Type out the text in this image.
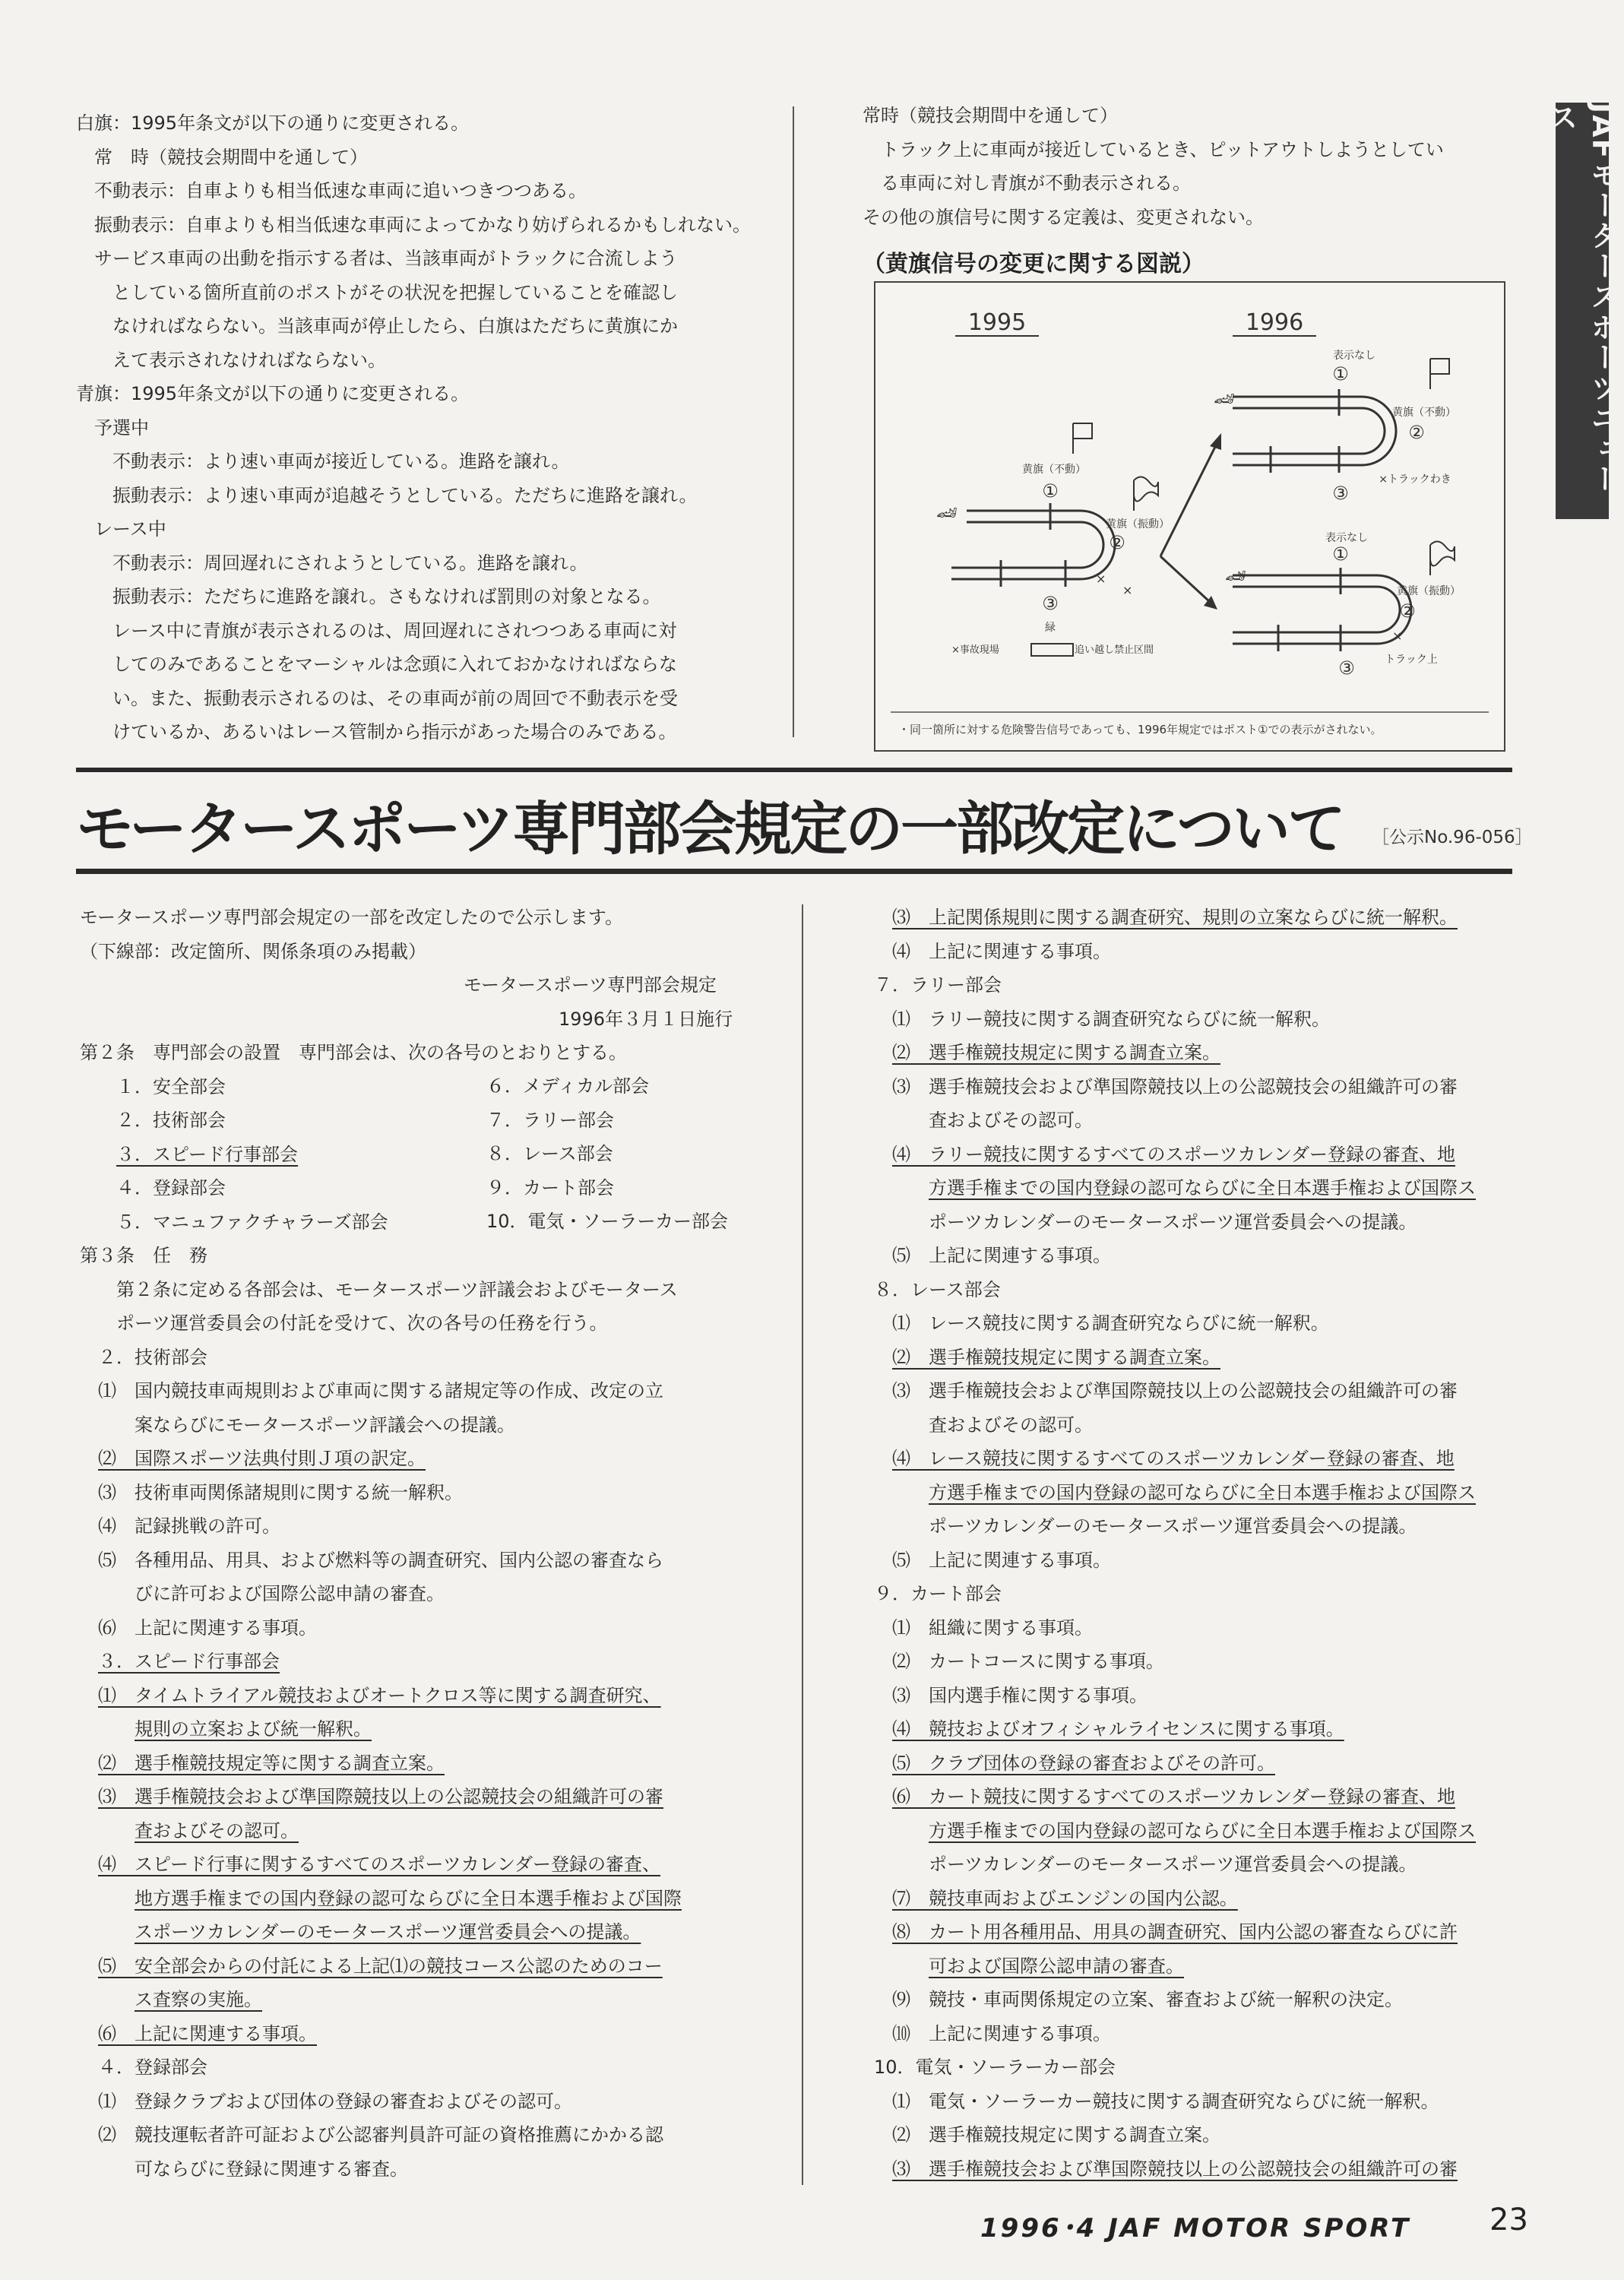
JAFモータースポーツニュース

白旗：1995年条文が以下の通りに変更される。

常　時（競技会期間中を通して）

不動表示：自車よりも相当低速な車両に追いつきつつある。

振動表示：自車よりも相当低速な車両によってかなり妨げられるかもしれない。

サービス車両の出動を指示する者は、当該車両がトラックに合流しよう

としている箇所直前のポストがその状況を把握していることを確認し

なければならない。当該車両が停止したら、白旗はただちに黄旗にか

えて表示されなければならない。

青旗：1995年条文が以下の通りに変更される。

予選中

不動表示：より速い車両が接近している。進路を譲れ。

振動表示：より速い車両が追越そうとしている。ただちに進路を譲れ。

レース中

不動表示：周回遅れにされようとしている。進路を譲れ。

振動表示：ただちに進路を譲れ。さもなければ罰則の対象となる。

レース中に青旗が表示されるのは、周回遅れにされつつある車両に対

してのみであることをマーシャルは念頭に入れておかなければならな

い。また、振動表示されるのは、その車両が前の周回で不動表示を受

けているか、あるいはレース管制から指示があった場合のみである。

常時（競技会期間中を通して）

トラック上に車両が接近しているとき、ピットアウトしようとしてい

る車両に対し青旗が不動表示される。

その他の旗信号に関する定義は、変更されない。

（黄旗信号の変更に関する図説）
1995	1996
🏎
①
黄旗（不動）
②
黄旗（振動）
③
緑
×
×
🏎
表示なし
①
黄旗（不動）
②
×トラックわき
③
🏎
表示なし
①
黄旗（振動）
②
トラック上
③
×
×事故現場	追い越し禁止区間
・同一箇所に対する危険警告信号であっても、1996年規定ではポスト①での表示がされない。
モータースポーツ専門部会規定の一部改定について ［公示No.96-056］

モータースポーツ専門部会規定の一部を改定したので公示します。

（下線部：改定箇所、関係条項のみ掲載）

モータースポーツ専門部会規定

1996年３月１日施行

第２条　専門部会の設置　専門部会は、次の各号のとおりとする。

１．安全部会

２．技術部会

３．スピード行事部会

４．登録部会

５．マニュファクチャラーズ部会

６．メディカル部会

７．ラリー部会

８．レース部会

９．カート部会

10．電気・ソーラーカー部会

第３条　任　務

第２条に定める各部会は、モータースポーツ評議会およびモータース

ポーツ運営委員会の付託を受けて、次の各号の任務を行う。

２．技術部会

⑴　国内競技車両規則および車両に関する諸規定等の作成、改定の立

案ならびにモータースポーツ評議会への提議。

⑵　国際スポーツ法典付則Ｊ項の訳定。

⑶　技術車両関係諸規則に関する統一解釈。

⑷　記録挑戦の許可。

⑸　各種用品、用具、および燃料等の調査研究、国内公認の審査なら

びに許可および国際公認申請の審査。

⑹　上記に関連する事項。

３．スピード行事部会

⑴　タイムトライアル競技およびオートクロス等に関する調査研究、

規則の立案および統一解釈。

⑵　選手権競技規定等に関する調査立案。

⑶　選手権競技会および準国際競技以上の公認競技会の組織許可の審

査およびその認可。

⑷　スピード行事に関するすべてのスポーツカレンダー登録の審査、

地方選手権までの国内登録の認可ならびに全日本選手権および国際

スポーツカレンダーのモータースポーツ運営委員会への提議。

⑸　安全部会からの付託による上記⑴の競技コース公認のためのコー

ス査察の実施。

⑹　上記に関連する事項。

４．登録部会

⑴　登録クラブおよび団体の登録の審査およびその認可。

⑵　競技運転者許可証および公認審判員許可証の資格推薦にかかる認

可ならびに登録に関連する審査。

⑶　上記関係規則に関する調査研究、規則の立案ならびに統一解釈。

⑷　上記に関連する事項。

７．ラリー部会

⑴　ラリー競技に関する調査研究ならびに統一解釈。

⑵　選手権競技規定に関する調査立案。

⑶　選手権競技会および準国際競技以上の公認競技会の組織許可の審

査およびその認可。

⑷　ラリー競技に関するすべてのスポーツカレンダー登録の審査、地

方選手権までの国内登録の認可ならびに全日本選手権および国際ス

ポーツカレンダーのモータースポーツ運営委員会への提議。

⑸　上記に関連する事項。

８．レース部会

⑴　レース競技に関する調査研究ならびに統一解釈。

⑵　選手権競技規定に関する調査立案。

⑶　選手権競技会および準国際競技以上の公認競技会の組織許可の審

査およびその認可。

⑷　レース競技に関するすべてのスポーツカレンダー登録の審査、地

方選手権までの国内登録の認可ならびに全日本選手権および国際ス

ポーツカレンダーのモータースポーツ運営委員会への提議。

⑸　上記に関連する事項。

９．カート部会

⑴　組織に関する事項。

⑵　カートコースに関する事項。

⑶　国内選手権に関する事項。

⑷　競技およびオフィシャルライセンスに関する事項。

⑸　クラブ団体の登録の審査およびその許可。

⑹　カート競技に関するすべてのスポーツカレンダー登録の審査、地

方選手権までの国内登録の認可ならびに全日本選手権および国際ス

ポーツカレンダーのモータースポーツ運営委員会への提議。

⑺　競技車両およびエンジンの国内公認。

⑻　カート用各種用品、用具の調査研究、国内公認の審査ならびに許

可および国際公認申請の審査。

⑼　競技・車両関係規定の立案、審査および統一解釈の決定。

⑽　上記に関連する事項。

10．電気・ソーラーカー部会

⑴　電気・ソーラーカー競技に関する調査研究ならびに統一解釈。

⑵　選手権競技規定に関する調査立案。

⑶　選手権競技会および準国際競技以上の公認競技会の組織許可の審

1996･4 JAF MOTOR SPORT	23
